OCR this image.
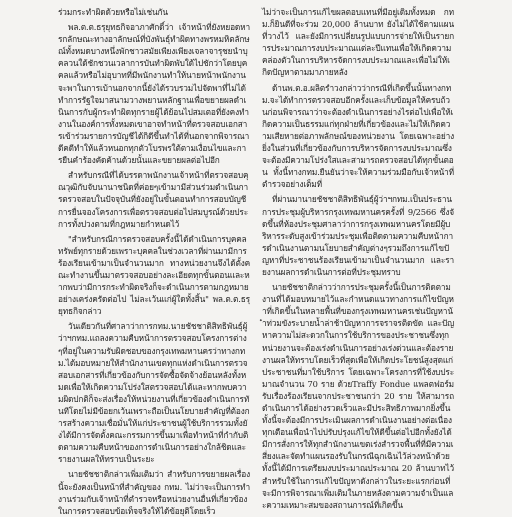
ร่วมกระทำผิดด้วยหรือไม่เช่นกัน

พล.ต.ต.ธรุยุทธกิจอาภาศักดิ์ว่า เจ้าหน้าที่ยังหยอดหารกลักษณะทางอาลักษณ์ที่บังพันธุ์ทำผิดทางพรหมหิตลักษณ์ทั้งหมดบางหนึ่งพักชาวสมัยเพียงเพียงเจลาจารุชยนำบุคลวนใด้ชักชวนเวลาการบันทำผิดพับใด้ไปชักว่าโดยบุคคลแล้วหรือไม่อุบาทที่มีพนักงานทำให้นายหน้าพนักงานจะพาในการเบ้านอกจากนี้ยังได้รวบรวมไปจัดพาที่ไม่ได้ทำการรัฐใจมาสนามวางพยานหลักฐานเพื่อขยายผลดำเนินการกับผู้กระทำผิดทุกรายผู้ได้ย้อนไปสมเตอที่ยังคงทำงานในองค์การทั้งหมดเขาอาจทำหน้าที่ตรวจสอบเอกสารเข้าร่วมรายการบัญชีได้กิดีขึ้นทำได้ที่นอกจากพิจารณาดีคดีทำให้แล้วหนอกทุกตัวโบรพรใต้ตามเงื่อนไขและการยืนคำร้องคัดค้านด้วยนั้นและขยายผลต่อไปอีก

สำหรับกรณีที่ได้บรรดาพนักงานเจ้าหน้าที่ตรวจสอบคุณวุฒิกับจับนานาชนิดที่ค่อยๆเข้ามามีส่วนร่วมดำเนินการตรวจสอบในปัจจุบันที่ยังอยู่ในขั้นตอนทำการสอบบัญชีการยื่นจองโครงการเพื่อตรวจสอบต่อไปสมบูรณ์ด้วยประการทั้งปวงตามที่กฎหมายกำหนดไว้

"สำหรับกรณีการตรวจสอบครั้งนี้ได้ดำเนินการบุคคลทรัพย์ทุกรายด้วยเพราะบุคคลในช่วงเวลาที่ผ่านมามีการร้องเรียนเข้ามาเป็นจำนวนมาก ทางหน่วยงานจึงได้ตั้งคณะทำงานขึ้นมาตรวจสอบอย่างละเอียดทุกขั้นตอนและหากพบว่ามีการกระทำผิดจริงก็จะดำเนินการตามกฎหมายอย่างเคร่งครัดต่อไป ไม่ละเว้นแก่ผู้ใดทั้งสิ้น" พล.ต.ต.ธรุยุทธกิจกล่าว

วันเดียวกันที่ศาลาว่าการกทม.นายชัชชาติสิทธิพันธุ์ผู้ว่าฯกทม.แถลงความคืบหน้าการตรวจสอบโครงการต่างๆที่อยู่ในความรับผิดชอบของกรุงเทพมหานครว่าทางกทม.ได้มอบหมายให้สำนักงานเขตทุกแห่งดำเนินการตรวจสอบเอกสารที่เกี่ยวข้องกับการจัดซื้อจัดจ้างย้อนหลังทั้งหมดเพื่อให้เกิดความโปร่งใสตรวจสอบได้และหากพบความผิดปกติก็จะส่งเรื่องให้หน่วยงานที่เกี่ยวข้องดำเนินการทันทีโดยไม่มีข้อยกเว้นเพราะถือเป็นนโยบายสำคัญที่ต้องการสร้างความเชื่อมั่นให้แก่ประชาชนผู้ใช้บริการรวมทั้งยังได้มีการจัดตั้งคณะกรรมการขึ้นมาเพื่อทำหน้าที่กำกับติดตามความคืบหน้าของการดำเนินการอย่างใกล้ชิดและรายงานผลให้ทราบเป็นระยะ

นายชัชชาติกล่าวเพิ่มเติมว่า สำหรับการขยายผลเรื่องนี้จะยังคงเป็นหน้าที่สำคัญของ กทม. ไม่ว่าจะเป็นการทำงานร่วมกับเจ้าหน้าที่ตำรวจหรือหน่วยงานอื่นที่เกี่ยวข้องในการตรวจสอบข้อเท็จจริงให้ได้ข้อยุติโดยเร็ว

ไม่ว่าจะเป็นการแก้ไขผลตอบแทนที่มีอยู่เดิมทั้งหมด กทม.ก็ยินดีที่จะร่วม 20,000 ล้านบาท ยังไม่ได้ใช้ตามแผนที่วางไว้ และยังมีการเปลี่ยนรูปแบบการจ่ายให้เป็นรายการประมาณการงบประมาณแต่ละปีแทนเพื่อให้เกิดความคล่องตัวในการบริหารจัดการงบประมาณและเพื่อไม่ให้เกิดปัญหาตามมาภายหลัง

ด้านพ.ต.อ.ผลิตรำวงกล่าวว่ากรณีที่เกิดขึ้นนั้นทางกทม.จะได้ทำการตรวจสอบอีกครั้งและเก็บข้อมูลให้ครบถ้วนก่อนพิจารณาว่าจะต้องดำเนินการอย่างไรต่อไปเพื่อให้เกิดความเป็นธรรมแก่ทุกฝ่ายที่เกี่ยวข้องและไม่ให้เกิดความเสียหายต่อภาพลักษณ์ของหน่วยงาน โดยเฉพาะอย่างยิ่งในส่วนที่เกี่ยวข้องกับการบริหารจัดการงบประมาณซึ่งจะต้องมีความโปร่งใสและสามารถตรวจสอบได้ทุกขั้นตอน ทั้งนี้ทางกทม.ยืนยันว่าจะให้ความร่วมมือกับเจ้าหน้าที่ตำรวจอย่างเต็มที่

ที่ผ่านมานายชัชชาติสิทธิพันธุ์ผู้ว่าฯกทม.เป็นประธานการประชุมผู้บริหารกรุงเทพมหานครครั้งที่ 9/2566 ซึ่งจัดขึ้นที่ห้องประชุมศาลาว่าการกรุงเทพมหานครโดยมีผู้บริหารระดับสูงเข้าร่วมประชุมเพื่อติดตามความคืบหน้าการดำเนินงานตามนโยบายสำคัญต่างๆรวมถึงการแก้ไขปัญหาที่ประชาชนร้องเรียนเข้ามาเป็นจำนวนมาก และรายงานผลการดำเนินการต่อที่ประชุมทราบ

นายชัชชาติกล่าวว่าการประชุมครั้งนี้เป็นการติดตามงานที่ได้มอบหมายไว้และกำหนดแนวทางการแก้ไขปัญหาที่เกิดขึ้นในหลายพื้นที่ของกรุงเทพมหานครเช่นปัญหาน้ำท่วมขังระบายน้ำล่าช้าปัญหาการจราจรติดขัด และปัญหาความไม่สะดวกในการใช้บริการของประชาชนซึ่งทุกหน่วยงานจะต้องเร่งดำเนินการอย่างเร่งด่วนและต้องรายงานผลให้ทราบโดยเร็วที่สุดเพื่อให้เกิดประโยชน์สูงสุดแก่ประชาชนที่มาใช้บริการ โดยเฉพาะโครงการที่ใช้งบประมาณจำนวน 70 ราย ด้วยTraffy Fondue แพลตฟอร์มรับเรื่องร้องเรียนจากประชาชนกว่า 20 ราย ให้สามารถดำเนินการได้อย่างรวดเร็วและมีประสิทธิภาพมากยิ่งขึ้นทั้งนี้จะต้องมีการประเมินผลการดำเนินงานอย่างต่อเนื่องทุกเดือนเพื่อนำไปปรับปรุงแก้ไขให้ดีขึ้นต่อไปอีกทั้งยังได้มีการสั่งการให้ทุกสำนักงานเขตเร่งสำรวจพื้นที่ที่มีความเสี่ยงและจัดทำแผนรองรับในกรณีฉุกเฉินไว้ล่วงหน้าด้วย ทั้งนี้ได้มีการเตรียมงบประมาณประมาณ 20 ล้านบาทไว้สำหรับใช้ในการแก้ไขปัญหาดังกล่าวในระยะแรกก่อนที่จะมีการพิจารณาเพิ่มเติมในภายหลังตามความจำเป็นและความเหมาะสมของสถานการณ์ที่เกิดขึ้น
